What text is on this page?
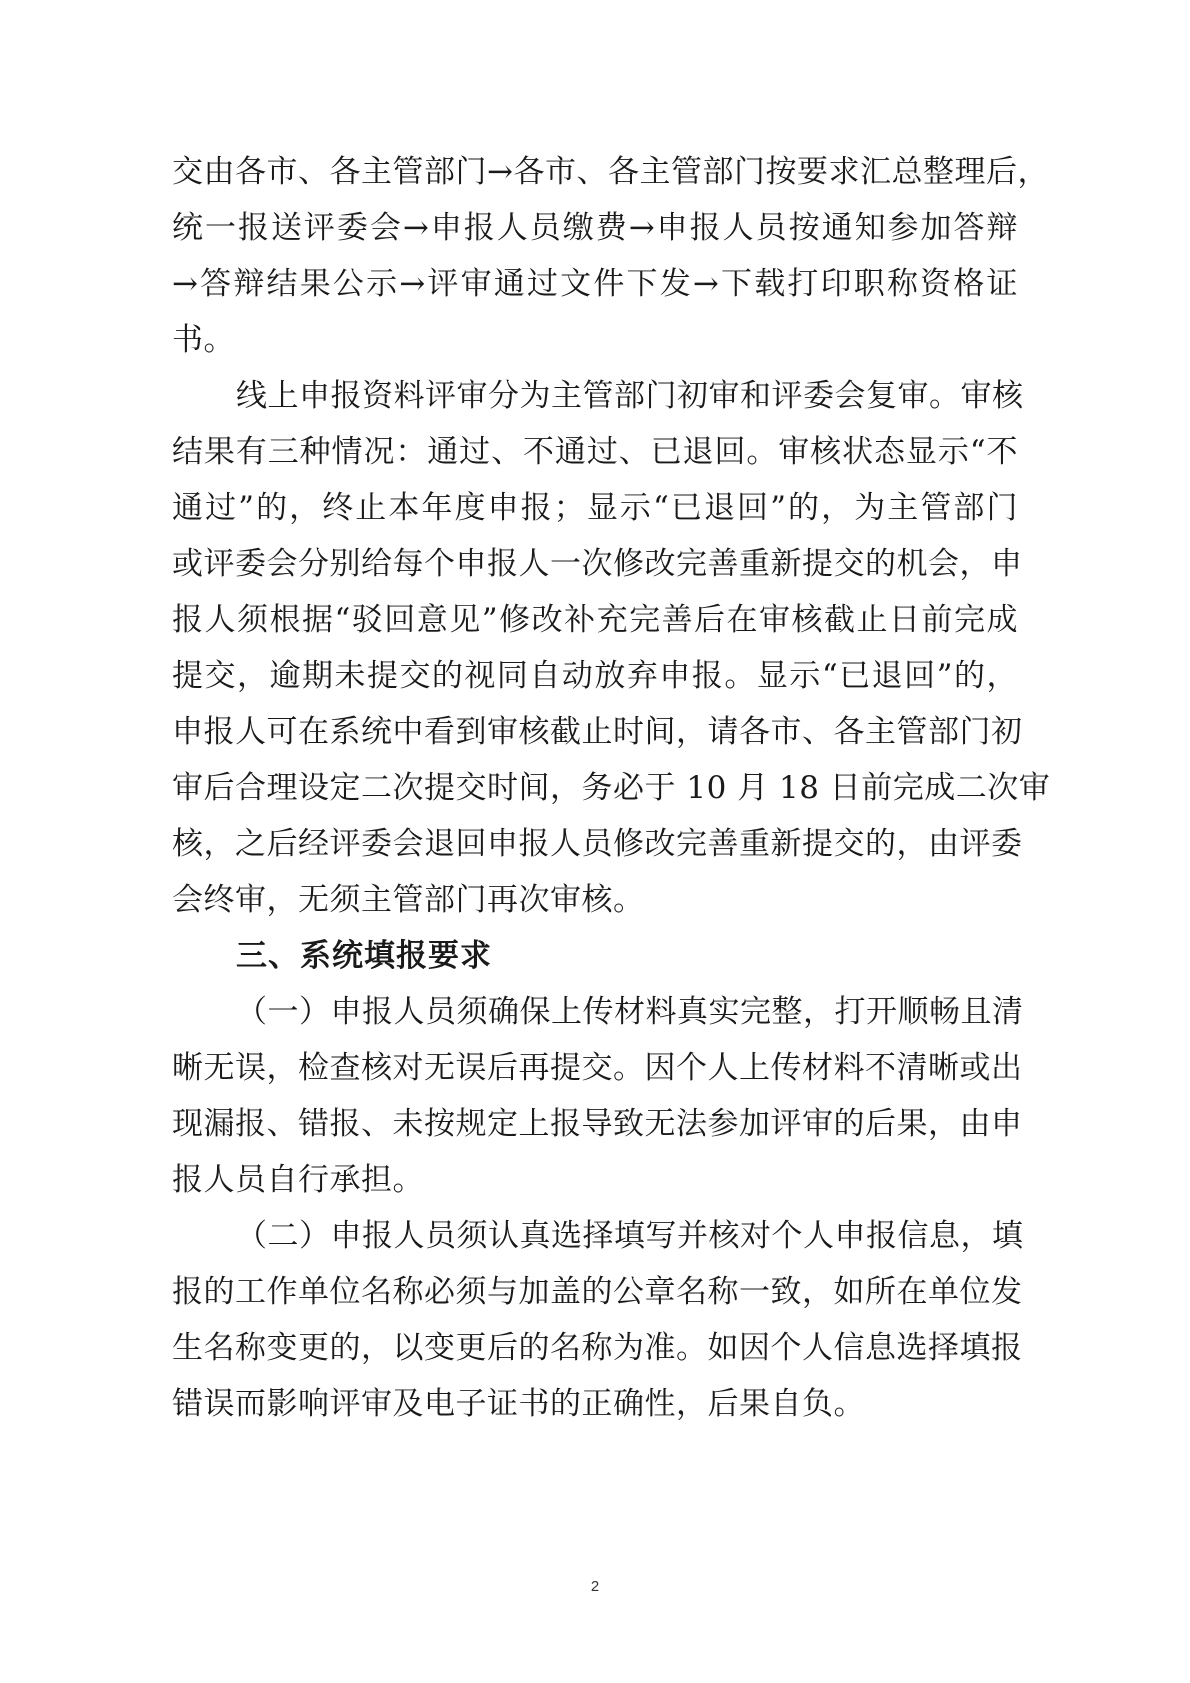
交由各市、各主管部门→各市、各主管部门按要求汇总整理后，
统一报送评委会→申报人员缴费→申报人员按通知参加答辩
→答辩结果公示→评审通过文件下发→下载打印职称资格证
书。
线上申报资料评审分为主管部门初审和评委会复审。审核
结果有三种情况：通过、不通过、已退回。审核状态显示“不
通过”的，终止本年度申报；显示“已退回”的，为主管部门
或评委会分别给每个申报人一次修改完善重新提交的机会，申
报人须根据“驳回意见”修改补充完善后在审核截止日前完成
提交，逾期未提交的视同自动放弃申报。显示“已退回”的，
申报人可在系统中看到审核截止时间，请各市、各主管部门初
审后合理设定二次提交时间，务必于 10 月 18 日前完成二次审
核，之后经评委会退回申报人员修改完善重新提交的，由评委
会终审，无须主管部门再次审核。
三、系统填报要求
（一）申报人员须确保上传材料真实完整，打开顺畅且清
晰无误，检查核对无误后再提交。因个人上传材料不清晰或出
现漏报、错报、未按规定上报导致无法参加评审的后果，由申
报人员自行承担。
（二）申报人员须认真选择填写并核对个人申报信息，填
报的工作单位名称必须与加盖的公章名称一致，如所在单位发
生名称变更的，以变更后的名称为准。如因个人信息选择填报
错误而影响评审及电子证书的正确性，后果自负。
2
